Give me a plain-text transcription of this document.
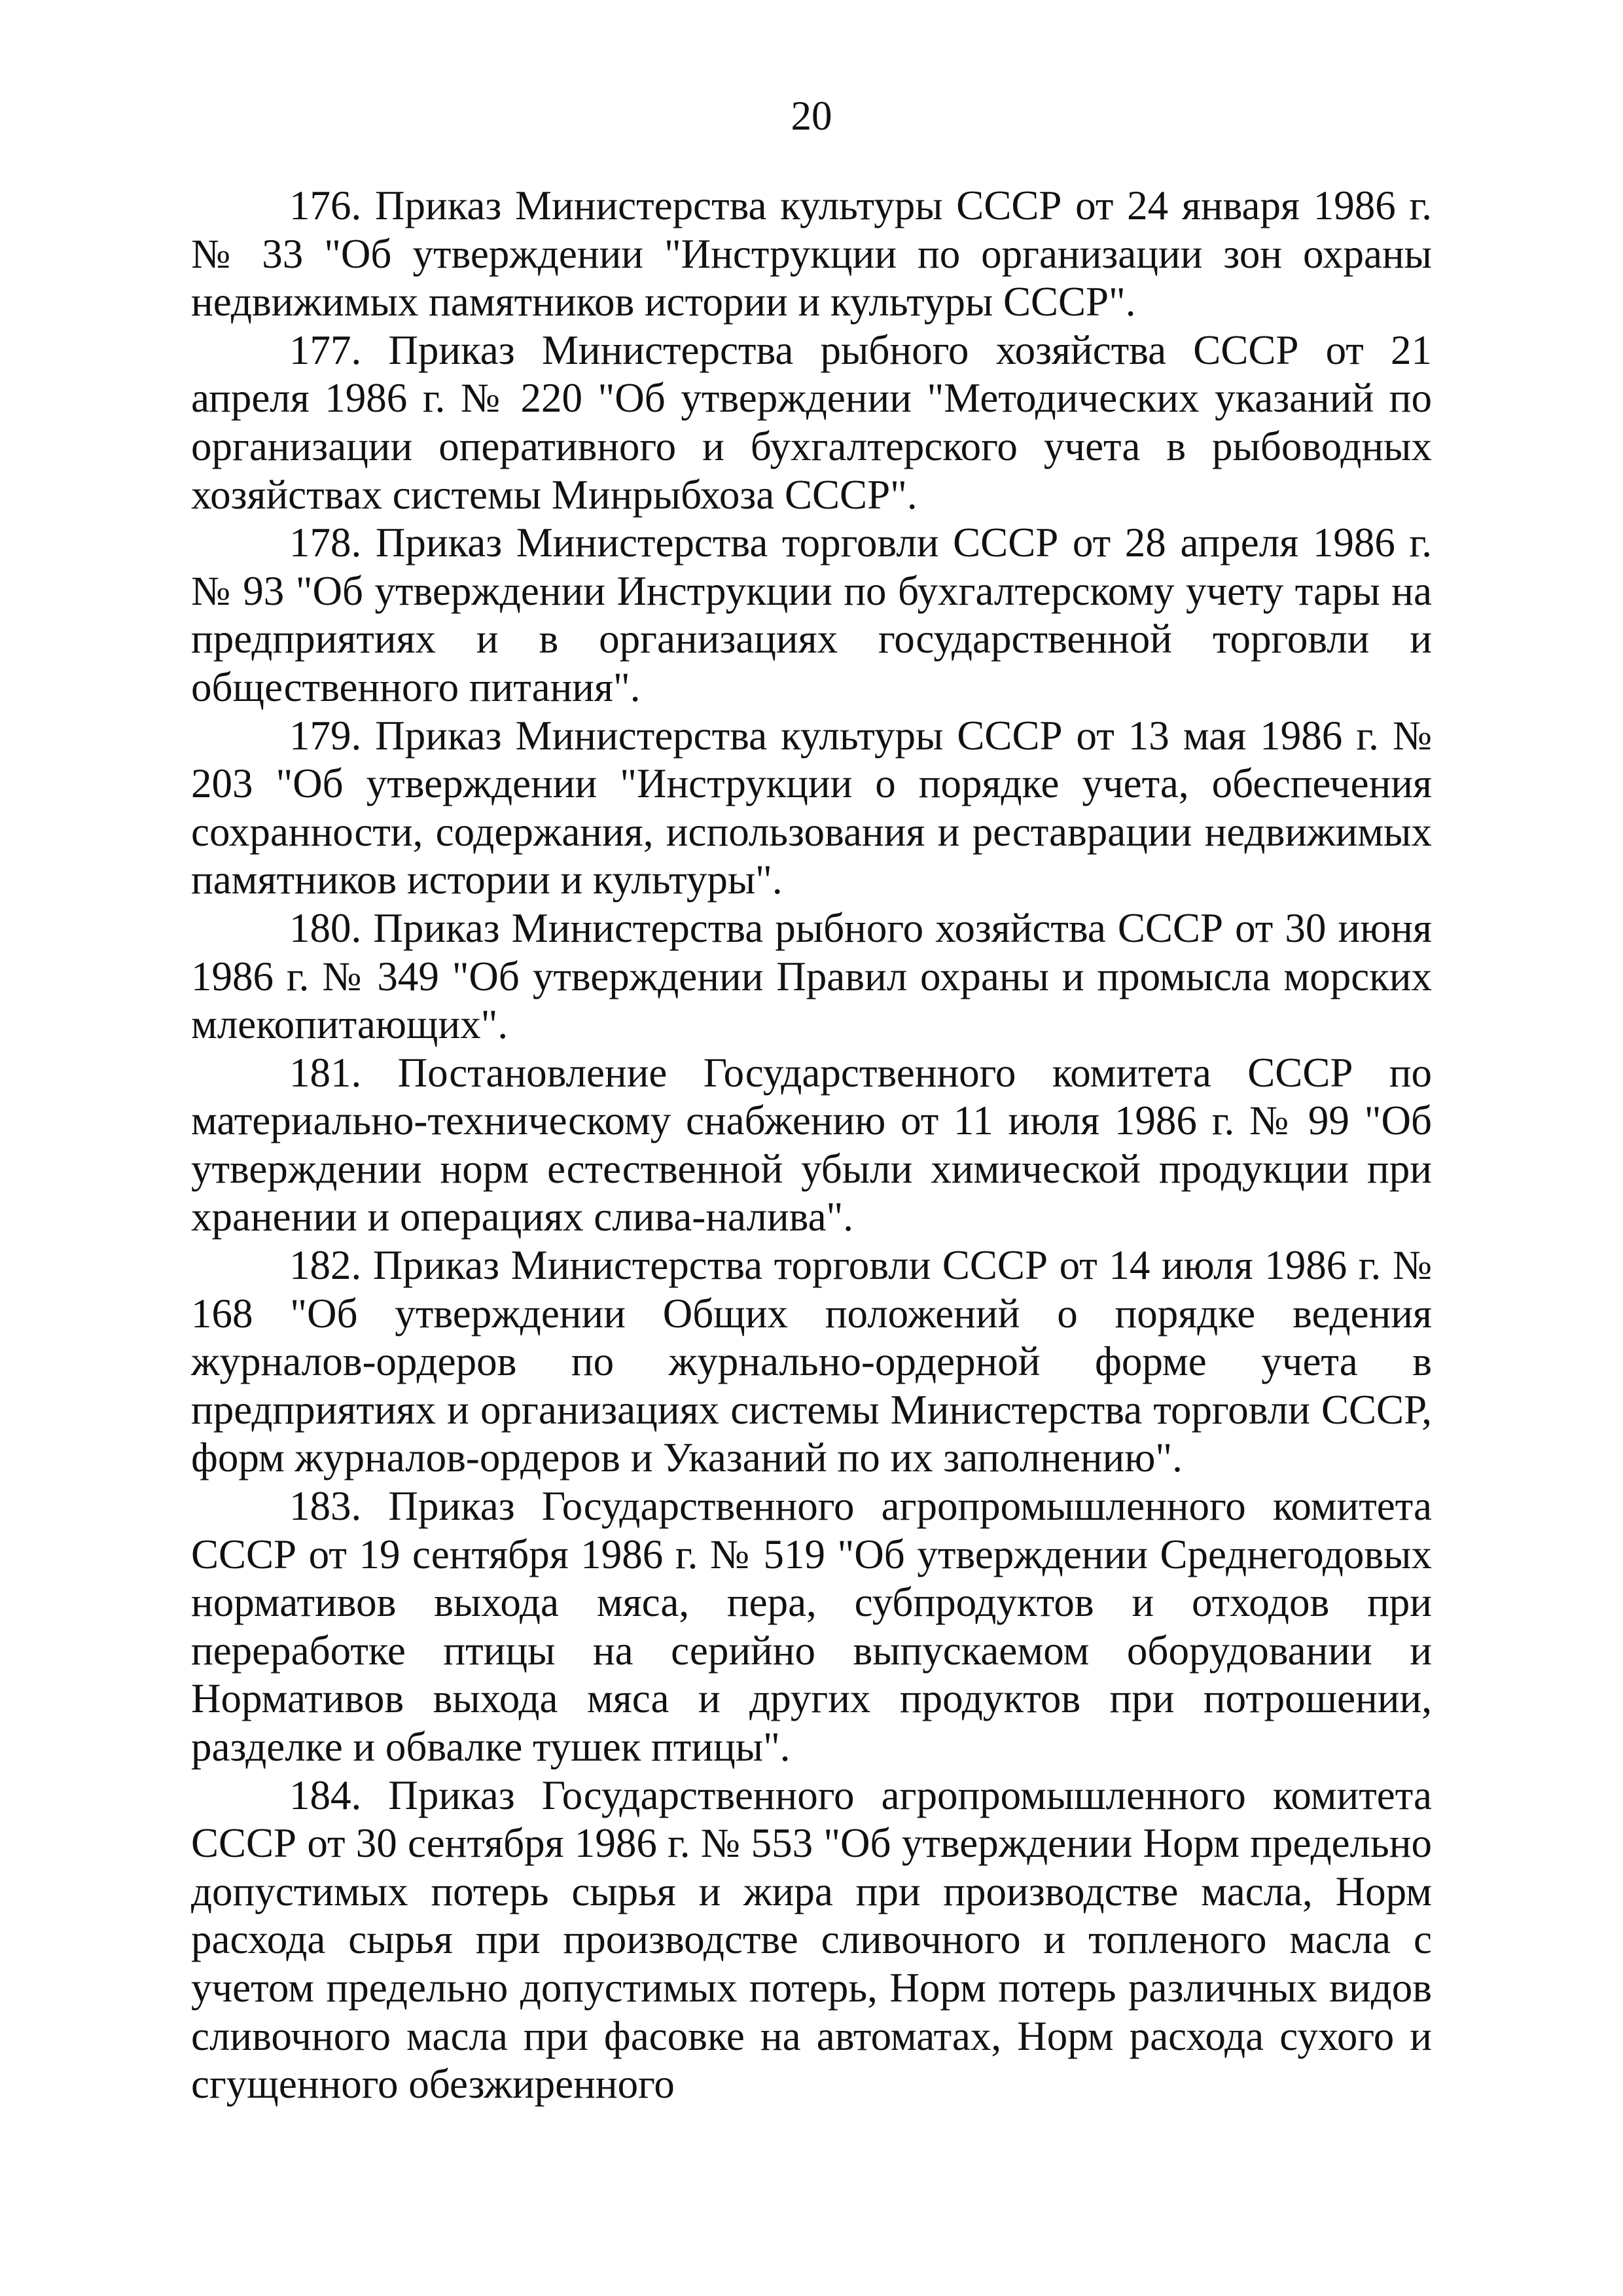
20

176. Приказ Министерства культуры СССР от 24 января 1986 г. № 33 "Об утверждении "Инструкции по организации зон охраны недвижимых памятников истории и культуры СССР".

177. Приказ Министерства рыбного хозяйства СССР от 21 апреля 1986 г. № 220 "Об утверждении "Методических указаний по организации оперативного и бухгалтерского учета в рыбоводных хозяйствах системы Минрыбхоза СССР".

178. Приказ Министерства торговли СССР от 28 апреля 1986 г. № 93 "Об утверждении Инструкции по бухгалтерскому учету тары на предприятиях и в организациях государственной торговли и общественного питания".

179. Приказ Министерства культуры СССР от 13 мая 1986 г. № 203 "Об утверждении "Инструкции о порядке учета, обеспечения сохранности, содержания, использования и реставрации недвижимых памятников истории и культуры".

180. Приказ Министерства рыбного хозяйства СССР от 30 июня 1986 г. № 349 "Об утверждении Правил охраны и промысла морских млекопитающих".

181. Постановление Государственного комитета СССР по материально-техническому снабжению от 11 июля 1986 г. № 99 "Об утверждении норм естественной убыли химической продукции при хранении и операциях слива-налива".

182. Приказ Министерства торговли СССР от 14 июля 1986 г. № 168 "Об утверждении Общих положений о порядке ведения журналов-ордеров по журнально-ордерной форме учета в предприятиях и организациях системы Министерства торговли СССР, форм журналов-ордеров и Указаний по их заполнению".

183. Приказ Государственного агропромышленного комитета СССР от 19 сентября 1986 г. № 519 "Об утверждении Среднегодовых нормативов выхода мяса, пера, субпродуктов и отходов при переработке птицы на серийно выпускаемом оборудовании и Нормативов выхода мяса и других продуктов при потрошении, разделке и обвалке тушек птицы".

184. Приказ Государственного агропромышленного комитета СССР от 30 сентября 1986 г. № 553 "Об утверждении Норм предельно допустимых потерь сырья и жира при производстве масла, Норм расхода сырья при производстве сливочного и топленого масла с учетом предельно допустимых потерь, Норм потерь различных видов сливочного масла при фасовке на автоматах, Норм расхода сухого и сгущенного обезжиренного
